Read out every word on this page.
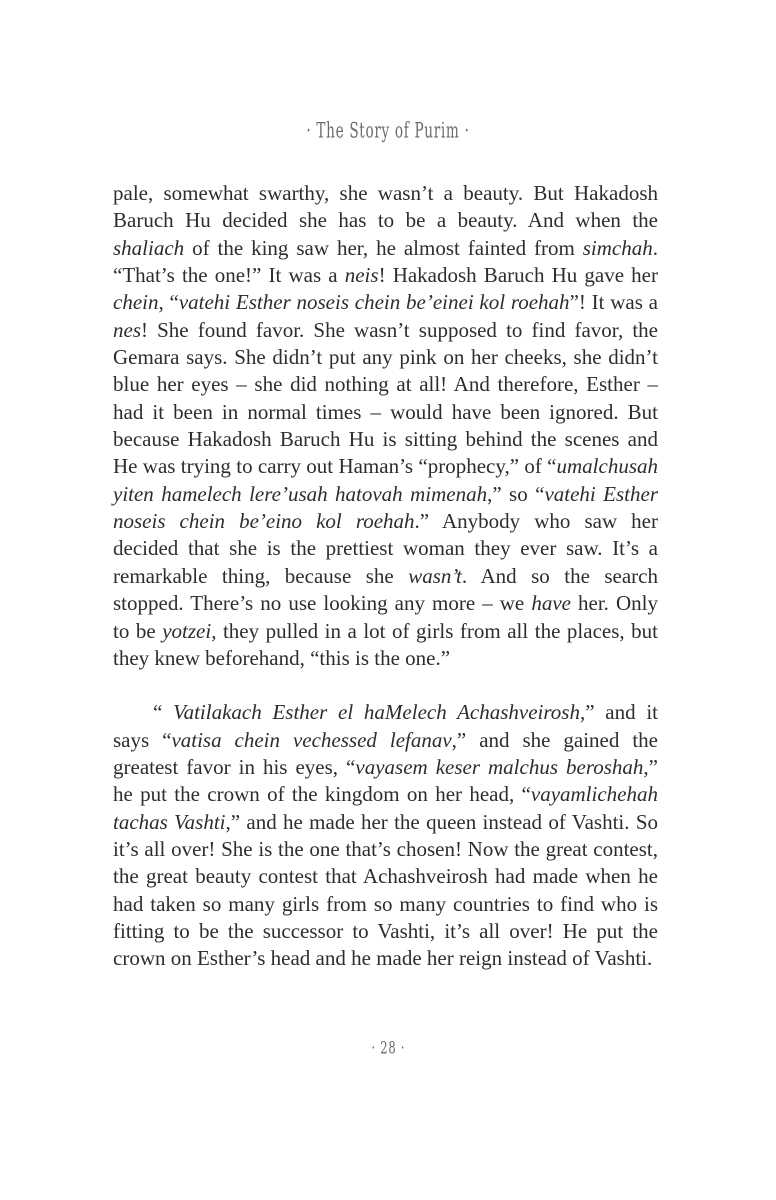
· The Story of Purim ·

pale, somewhat swarthy, she wasn’t a beauty. But Hakadosh Baruch Hu decided she has to be a beauty. And when the shaliach of the king saw her, he almost fainted from simchah. “That’s the one!” It was a neis! Hakadosh Baruch Hu gave her chein, “vatehi Esther noseis chein be’einei kol roehah”! It was a nes! She found favor. She wasn’t supposed to find favor, the Gemara says. She didn’t put any pink on her cheeks, she didn’t blue her eyes – she did nothing at all! And therefore, Esther – had it been in normal times – would have been ignored. But because Hakadosh Baruch Hu is sitting behind the scenes and He was trying to carry out Haman’s “prophecy,” of “umalchusah yiten hamelech lere’usah hatovah mimenah,” so “vatehi Esther noseis chein be’eino kol roehah.” Anybody who saw her decided that she is the prettiest woman they ever saw. It’s a remarkable thing, because she wasn’t. And so the search stopped. There’s no use looking any more – we have her. Only to be yotzei, they pulled in a lot of girls from all the places, but they knew beforehand, “this is the one.”

“ Vatilakach Esther el haMelech Achashveirosh,” and it says “vatisa chein vechessed lefanav,” and she gained the greatest favor in his eyes, “vayasem keser malchus beroshah,” he put the crown of the kingdom on her head, “vayamlichehah tachas Vashti,” and he made her the queen instead of Vashti. So it’s all over! She is the one that’s chosen! Now the great contest, the great beauty contest that Achashveirosh had made when he had taken so many girls from so many countries to find who is fitting to be the successor to Vashti, it’s all over! He put the crown on Esther’s head and he made her reign instead of Vashti.

· 28 ·
